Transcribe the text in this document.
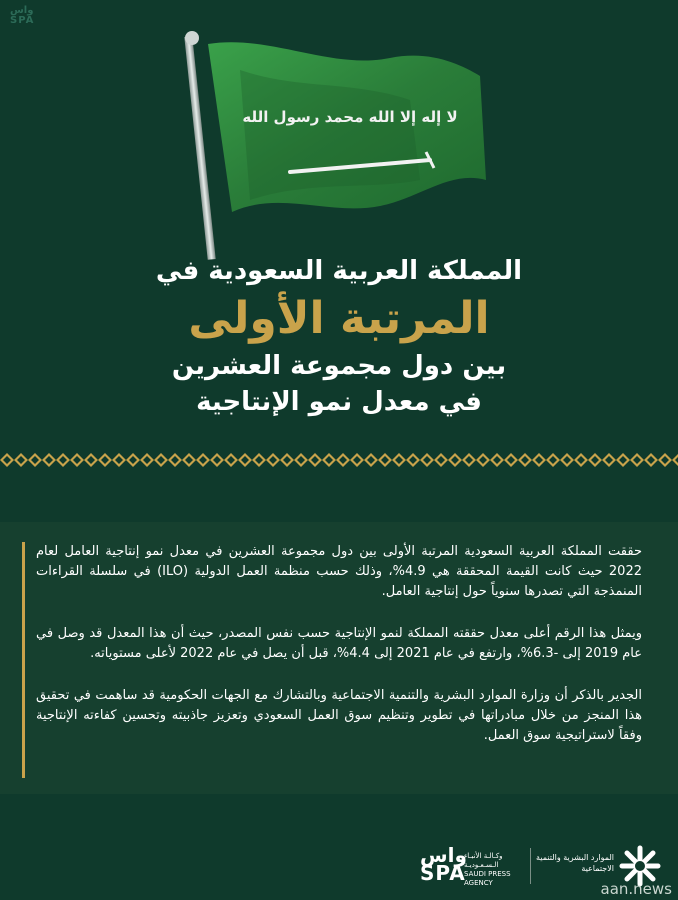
واس
SPA
لا إله إلا الله محمد رسول الله

المملكة العربية السعودية في

المرتبة الأولى

بين دول مجموعة العشرين

في معدل نمو الإنتاجية

حققت المملكة العربية السعودية المرتبة الأولى بين دول مجموعة العشرين في معدل نمو إنتاجية العامل لعام 2022 حيث كانت القيمة المحققة هي 4.9%، وذلك حسب منظمة العمل الدولية (ILO) في سلسلة القراءات المنمذجة التي تصدرها سنوياً حول إنتاجية العامل.

ويمثل هذا الرقم أعلى معدل حققته المملكة لنمو الإنتاجية حسب نفس المصدر، حيث أن هذا المعدل قد وصل في عام 2019 إلى -6.3%، وارتفع في عام 2021 إلى 4.4%، قبل أن يصل في عام 2022 لأعلى مستوياته.

الجدير بالذكر أن وزارة الموارد البشرية والتنمية الاجتماعية وبالتشارك مع الجهات الحكومية قد ساهمت في تحقيق هذا المنجز من خلال مبادراتها في تطوير وتنظيم سوق العمل السعودي وتعزيز جاذبيته وتحسين كفاءته الإنتاجية وفقاً لاستراتيجية سوق العمل.

واس
SPA
وكـالـة الأنبـاء
الـسـعـوديـة
SAUDI PRESS
AGENCY
الموارد البشرية والتنمية الاجتماعية
aan.news
